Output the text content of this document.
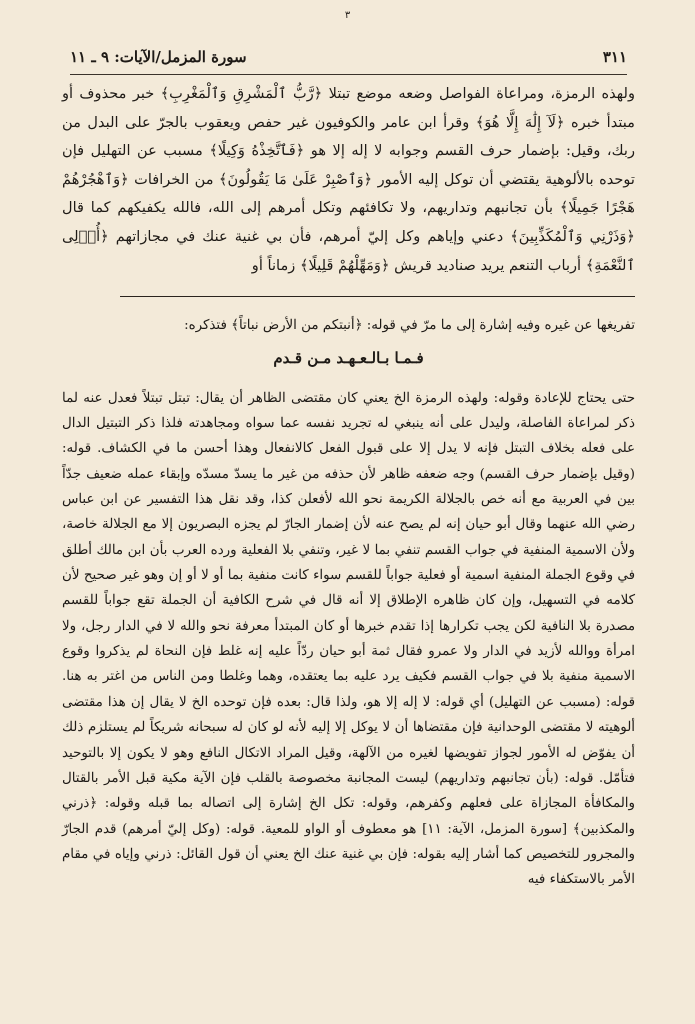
٣
٣١١
سورة المزمل/الآيات: ٩ ـ ١١

ولهذه الرمزة، ومراعاة الفواصل وضعه موضع تبتلا ﴿رَّبُّ ٱلْمَشْرِقِ وَٱلْمَغْرِبِ﴾ خبر محذوف أو مبتدأ خبره ﴿لَآ إِلَٰهَ إِلَّا هُوَ﴾ وقرأ ابن عامر والكوفيون غير حفص ويعقوب بالجرّ على البدل من ربك، وقيل: بإضمار حرف القسم وجوابه لا إله إلا هو ﴿فَٱتَّخِذْهُ وَكِيلًا﴾ مسبب عن التهليل فإن توحده بالألوهية يقتضي أن توكل إليه الأمور ﴿وَٱصْبِرْ عَلَىٰ مَا يَقُولُونَ﴾ من الخرافات ﴿وَٱهْجُرْهُمْ هَجْرًا جَمِيلًا﴾ بأن تجانبهم وتداريهم، ولا تكافئهم وتكل أمرهم إلى الله، فالله يكفيكهم كما قال ﴿وَذَرْنِي وَٱلْمُكَذِّبِينَ﴾ دعني وإياهم وكل إليّ أمرهم، فأن بي غنية عنك في مجازاتهم ﴿أُو۟لِى ٱلنَّعْمَةِ﴾ أرباب التنعم يريد صناديد قريش ﴿وَمَهِّلْهُمْ قَلِيلًا﴾ زماناً أو

تفريغها عن غيره وفيه إشارة إلى ما مرّ في قوله: ﴿أنبتكم من الأرض نباتاً﴾ فتذكره:

فـمـا بـالـعـهـد مـن قـدم

حتى يحتاج للإعادة وقوله: ولهذه الرمزة الخ يعني كان مقتضى الظاهر أن يقال: تبتل تبتلاً فعدل عنه لما ذكر لمراعاة الفاصلة، وليدل على أنه ينبغي له تجريد نفسه عما سواه ومجاهدته فلذا ذكر التبتيل الدال على فعله بخلاف التبتل فإنه لا يدل إلا على قبول الفعل كالانفعال وهذا أحسن ما في الكشاف. قوله: (وقيل بإضمار حرف القسم) وجه ضعفه ظاهر لأن حذفه من غير ما يسدّ مسدّه وإبقاء عمله ضعيف جدّاً بين في العربية مع أنه خص بالجلالة الكريمة نحو الله لأفعلن كذا، وقد نقل هذا التفسير عن ابن عباس رضي الله عنهما وقال أبو حيان إنه لم يصح عنه لأن إضمار الجارّ لم يجزه البصريون إلا مع الجلالة خاصة، ولأن الاسمية المنفية في جواب القسم تنفي بما لا غير، وتنفي بلا الفعلية ورده العرب بأن ابن مالك أطلق في وقوع الجملة المنفية اسمية أو فعلية جواباً للقسم سواء كانت منفية بما أو لا أو إن وهو غير صحيح لأن كلامه في التسهيل، وإن كان ظاهره الإطلاق إلا أنه قال في شرح الكافية أن الجملة تقع جواباً للقسم مصدرة بلا النافية لكن يجب تكرارها إذا تقدم خبرها أو كان المبتدأ معرفة نحو والله لا في الدار رجل، ولا امرأة ووالله لأزيد في الدار ولا عمرو فقال ثمة أبو حيان ردّاً عليه إنه غلط فإن النحاة لم يذكروا وقوع الاسمية منفية بلا في جواب القسم فكيف يرد عليه بما يعتقده، وهما وغلطا ومن الناس من اغتر به هنا. قوله: (مسبب عن التهليل) أي قوله: لا إله إلا هو، ولذا قال: بعده فإن توحده الخ لا يقال إن هذا مقتضى ألوهيته لا مقتضى الوحدانية فإن مقتضاها أن لا يوكل إلا إليه لأنه لو كان له سبحانه شريكاً لم يستلزم ذلك أن يفوّض له الأمور لجواز تفويضها لغيره من الآلهة، وقيل المراد الاتكال النافع وهو لا يكون إلا بالتوحيد فتأمّل. قوله: (بأن تجانبهم وتداريهم) ليست المجانبة مخصوصة بالقلب فإن الآية مكية قبل الأمر بالقتال والمكافأة المجازاة على فعلهم وكفرهم، وقوله: تكل الخ إشارة إلى اتصاله بما قبله وقوله: ﴿ذرني والمكذبين﴾ [سورة المزمل، الآية: ١١] هو معطوف أو الواو للمعية. قوله: (وكل إليّ أمرهم) قدم الجارّ والمجرور للتخصيص كما أشار إليه بقوله: فإن بي غنية عنك الخ يعني أن قول القائل: ذرني وإياه في مقام الأمر بالاستكفاء فيه
